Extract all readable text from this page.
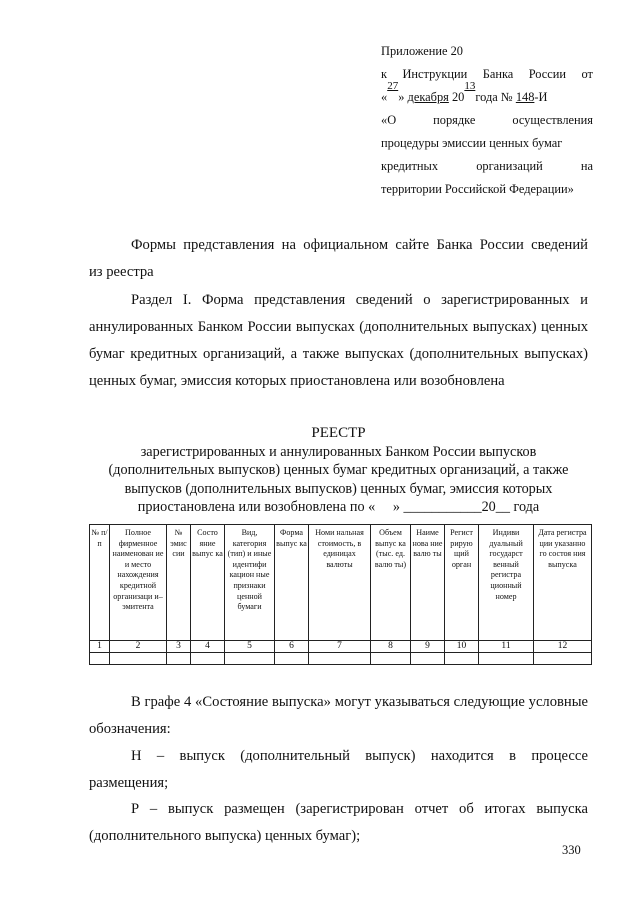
Приложение 20
к Инструкции Банка России от
«
27
»
декабря
20
13
года №
148 -И
«О	порядке	осуществления
процедуры эмиссии ценных бумаг
кредитных	организаций	на
территории Российской Федерации»
Формы представления на официальном сайте Банка России сведений
из реестра
Раздел I. Форма представления сведений о зарегистрированных и аннулированных Банком России выпусках (дополнительных выпусках) ценных бумаг кредитных организаций, а также выпусках (дополнительных выпусках) ценных бумаг, эмиссия которых приостановлена или возобновлена
РЕЕСТР
зарегистрированных и аннулированных Банком России выпусков
(дополнительных выпусков) ценных бумаг кредитных организаций, а также
выпусков (дополнительных выпусков) ценных бумаг, эмиссия которых
приостановлена или возобновлена по «     » ___________20__ года
№ п/п	Полное фирменное наименован ие и место нахождения кредитной организаци и– эмитента	№ эмис сии	Состо яние выпус ка	Вид, категория (тип) и иные идентифи кацион ные признаки ценной бумаги	Форма выпус ка	Номи нальная стоимость, в единицах валюты	Объем выпус ка (тыс. ед. валю ты)	Наиме нова ние валю ты	Регист рирую щий орган	Индиви дуальный государст венный регистра ционный номер	Дата регистра ции указанно го состоя ния выпуска
1	2	3	4	5	6	7	8	9	10	11	12

В графе 4 «Состояние выпуска» могут указываться следующие условные обозначения:
Н – выпуск (дополнительный выпуск) находится в процессе размещения;
Р – выпуск размещен (зарегистрирован отчет об итогах выпуска (дополнительного выпуска) ценных бумаг);
330
